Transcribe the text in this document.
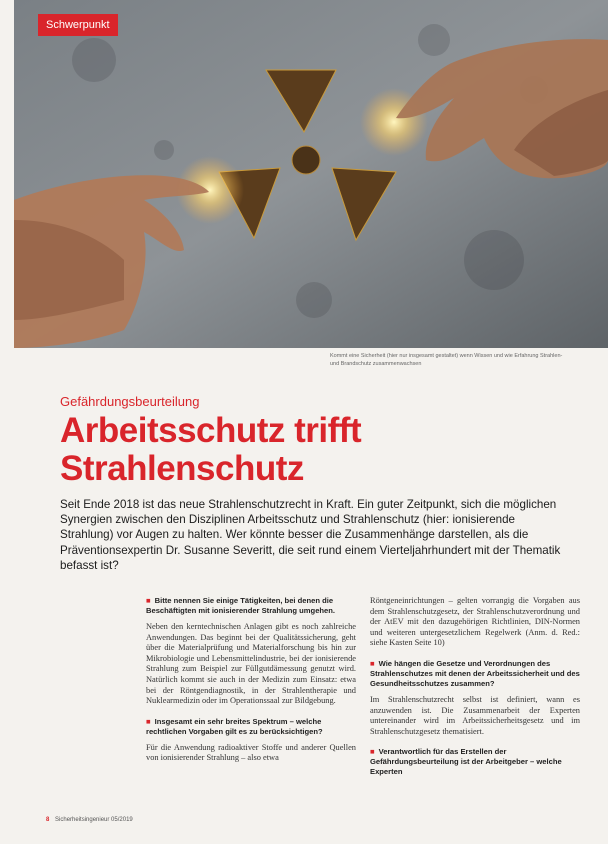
Schwerpunkt
Kommt eine Sicherheit (hier nur insgesamt gestaltet) wenn Wissen und wie Erfahrung Strahlen- und Brandschutz zusammenwachsen
Gefährdungsbeurteilung
Arbeitsschutz trifft Strahlenschutz

Seit Ende 2018 ist das neue Strahlenschutzrecht in Kraft. Ein guter Zeitpunkt, sich die möglichen Synergien zwischen den Disziplinen Arbeitsschutz und Strahlenschutz (hier: ionisierende Strahlung) vor Augen zu halten. Wer könnte besser die Zusammenhänge darstellen, als die Präventionsexpertin Dr. Susanne Severitt, die seit rund einem Vierteljahrhundert mit der Thematik befasst ist?

■ Bitte nennen Sie einige Tätigkeiten, bei denen die Beschäftigten mit ionisierender Strahlung umgehen.

Neben den kerntechnischen Anlagen gibt es noch zahlreiche Anwendungen. Das beginnt bei der Qualitätssicherung, geht über die Materialprüfung und Materialforschung bis hin zur Mikrobiologie und Lebensmittelindustrie, bei der ionisierende Strahlung zum Beispiel zur Füllgutdämessung genutzt wird. Natürlich kommt sie auch in der Medizin zum Einsatz: etwa bei der Röntgendiagnostik, in der Strahlentherapie und Nuklearmedizin oder im Operationssaal zur Bildgebung.

■ Insgesamt ein sehr breites Spektrum – welche rechtlichen Vorgaben gilt es zu berücksichtigen?

Für die Anwendung radioaktiver Stoffe und anderer Quellen von ionisierender Strahlung – also etwa

Röntgeneinrichtungen – gelten vorrangig die Vorgaben aus dem Strahlenschutzgesetz, der Strahlenschutzverordnung und der AtEV mit den dazugehörigen Richtlinien, DIN-Normen und weiteren untergesetzlichem Regelwerk (Anm. d. Red.: siehe Kasten Seite 10)

■ Wie hängen die Gesetze und Verordnungen des Strahlenschutzes mit denen der Arbeitssicherheit und des Gesundheitsschutzes zusammen?

Im Strahlenschutzrecht selbst ist definiert, wann es anzuwenden ist. Die Zusammenarbeit der Experten untereinander wird im Arbeitssicherheitsgesetz und im Strahlenschutzgesetz thematisiert.

■ Verantwortlich für das Erstellen der Gefährdungsbeurteilung ist der Arbeitgeber – welche Experten

8 Sicherheitsingenieur 05/2019
